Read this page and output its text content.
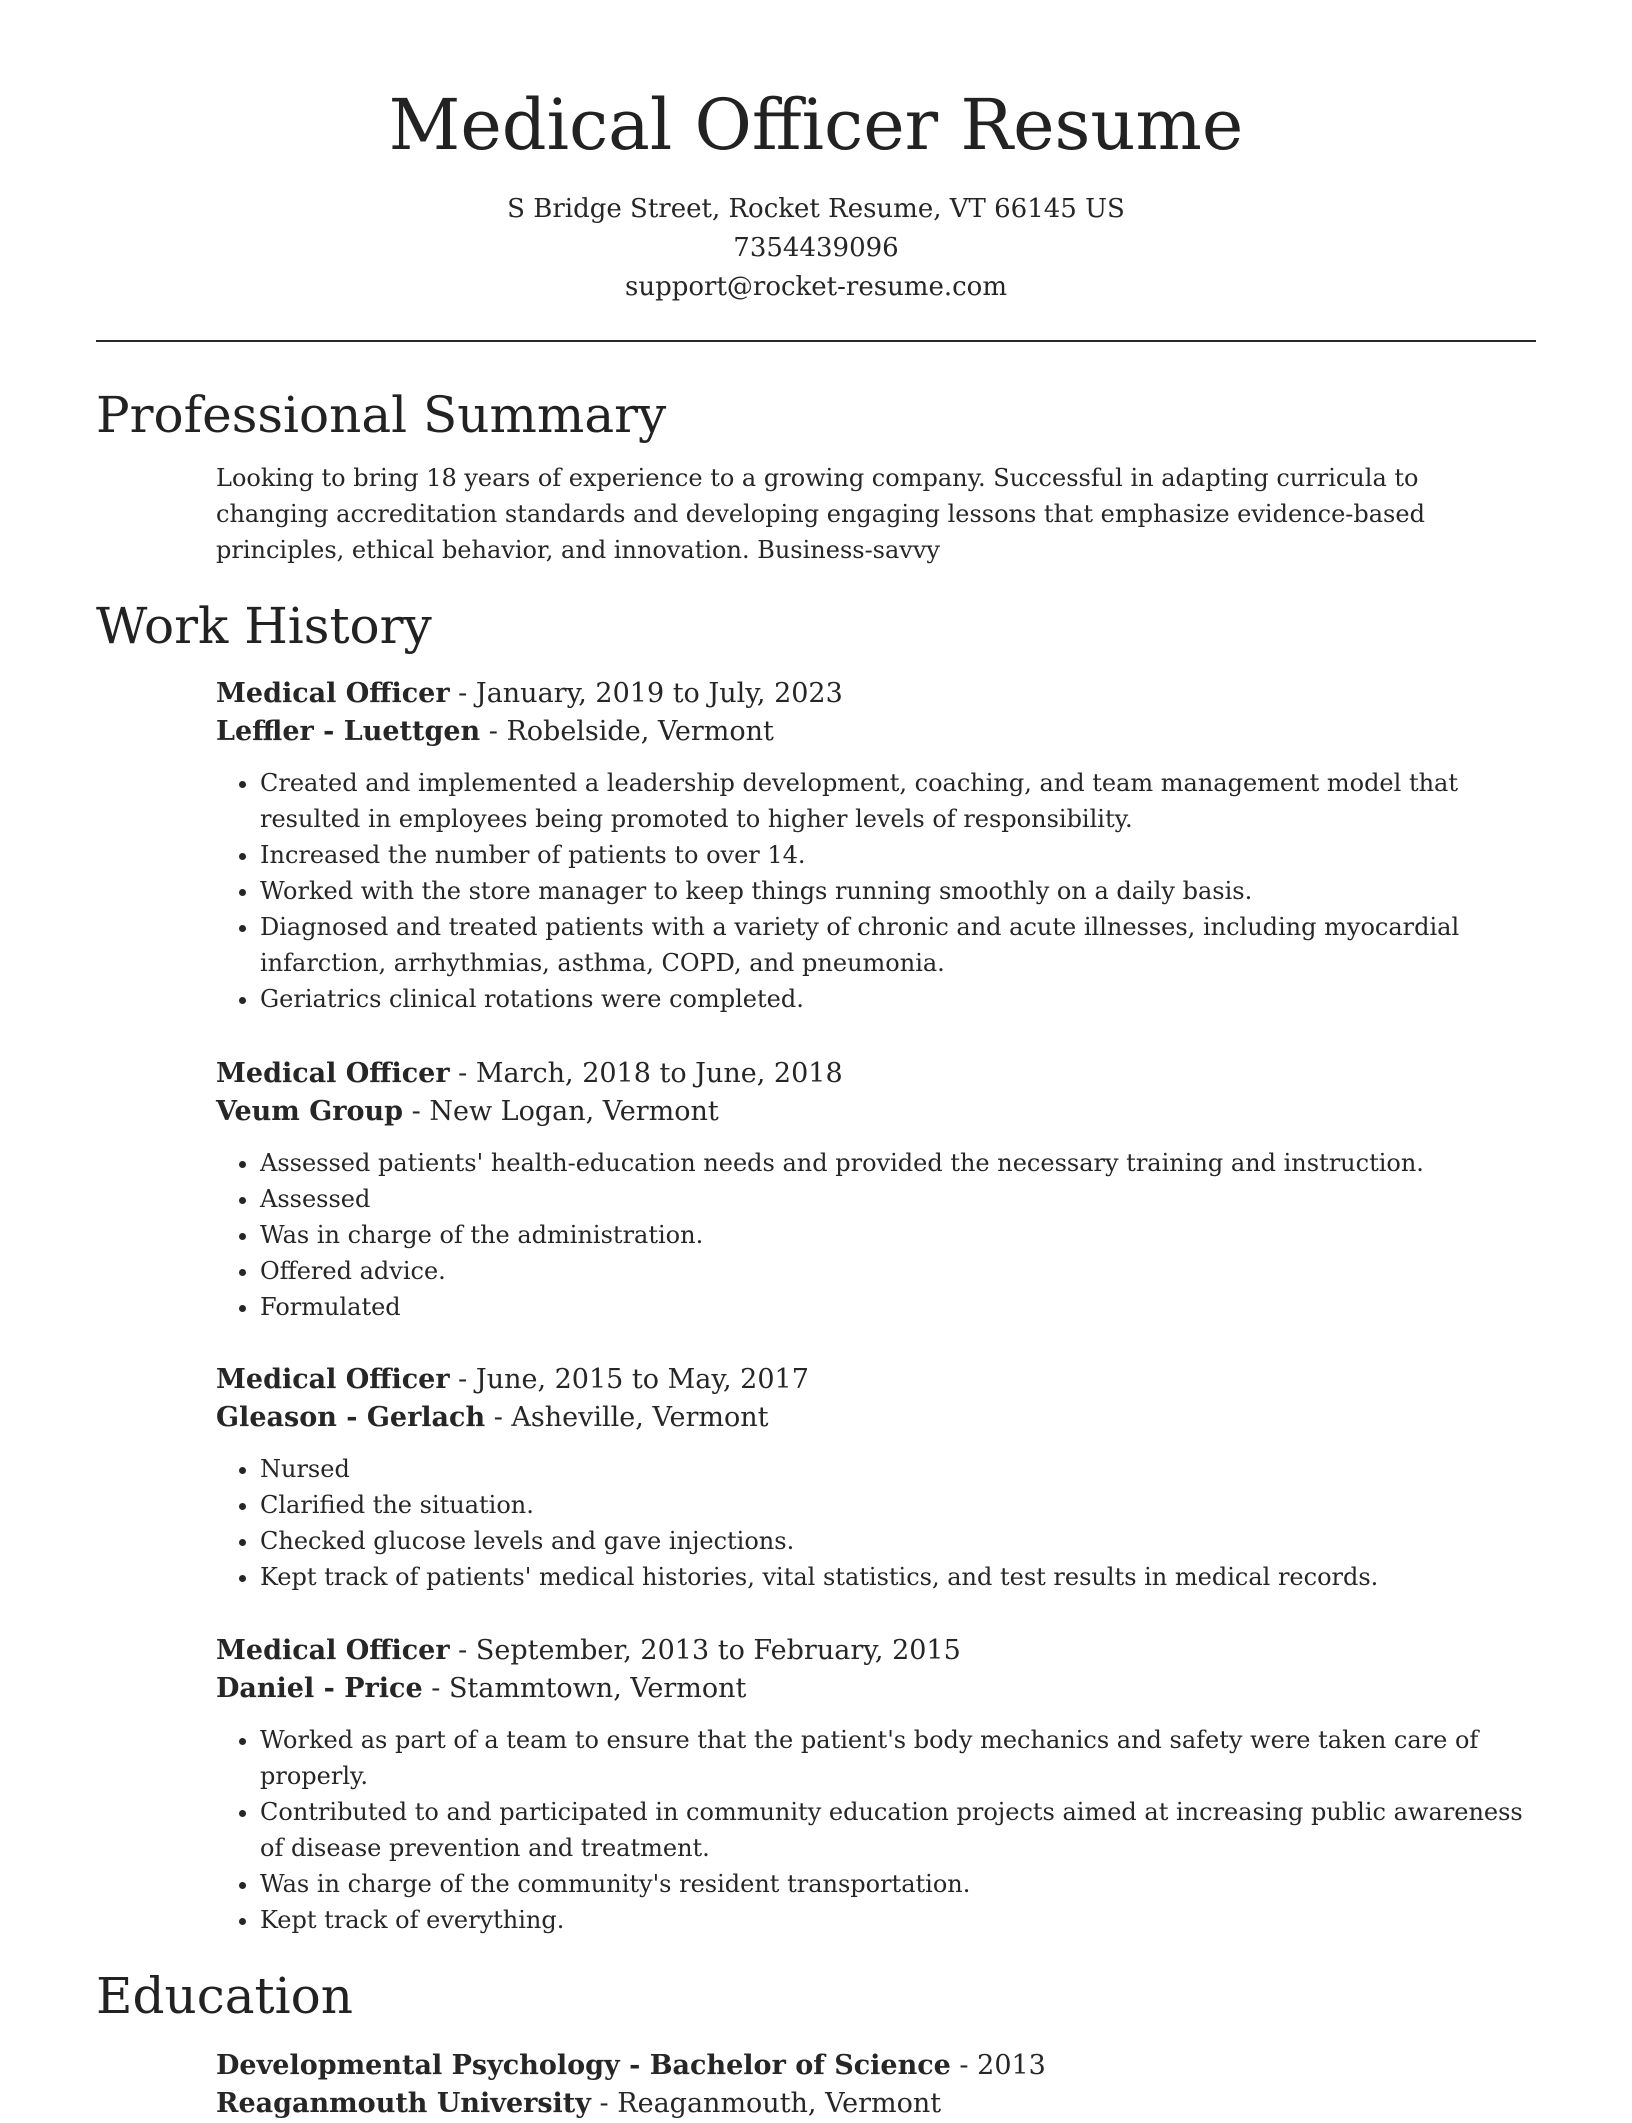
Medical Officer Resume
S Bridge Street, Rocket Resume, VT 66145 US
7354439096
support@rocket-resume.com
Professional Summary

Looking to bring 18 years of experience to a growing company. Successful in adapting curricula to changing accreditation standards and developing engaging lessons that emphasize evidence-based principles, ethical behavior, and innovation. Business-savvy

Work History
Medical Officer - January, 2019 to July, 2023
Leffler - Luettgen - Robelside, Vermont
• Created and implemented a leadership development, coaching, and team management model that resulted in employees being promoted to higher levels of responsibility.
• Increased the number of patients to over 14.
• Worked with the store manager to keep things running smoothly on a daily basis.
• Diagnosed and treated patients with a variety of chronic and acute illnesses, including myocardial infarction, arrhythmias, asthma, COPD, and pneumonia.
• Geriatrics clinical rotations were completed.
Medical Officer - March, 2018 to June, 2018
Veum Group - New Logan, Vermont
• Assessed patients' health-education needs and provided the necessary training and instruction.
• Assessed
• Was in charge of the administration.
• Offered advice.
• Formulated
Medical Officer - June, 2015 to May, 2017
Gleason - Gerlach - Asheville, Vermont
• Nursed
• Clarified the situation.
• Checked glucose levels and gave injections.
• Kept track of patients' medical histories, vital statistics, and test results in medical records.
Medical Officer - September, 2013 to February, 2015
Daniel - Price - Stammtown, Vermont
• Worked as part of a team to ensure that the patient's body mechanics and safety were taken care of properly.
• Contributed to and participated in community education projects aimed at increasing public awareness of disease prevention and treatment.
• Was in charge of the community's resident transportation.
• Kept track of everything.
Education
Developmental Psychology - Bachelor of Science - 2013
Reaganmouth University - Reaganmouth, Vermont
